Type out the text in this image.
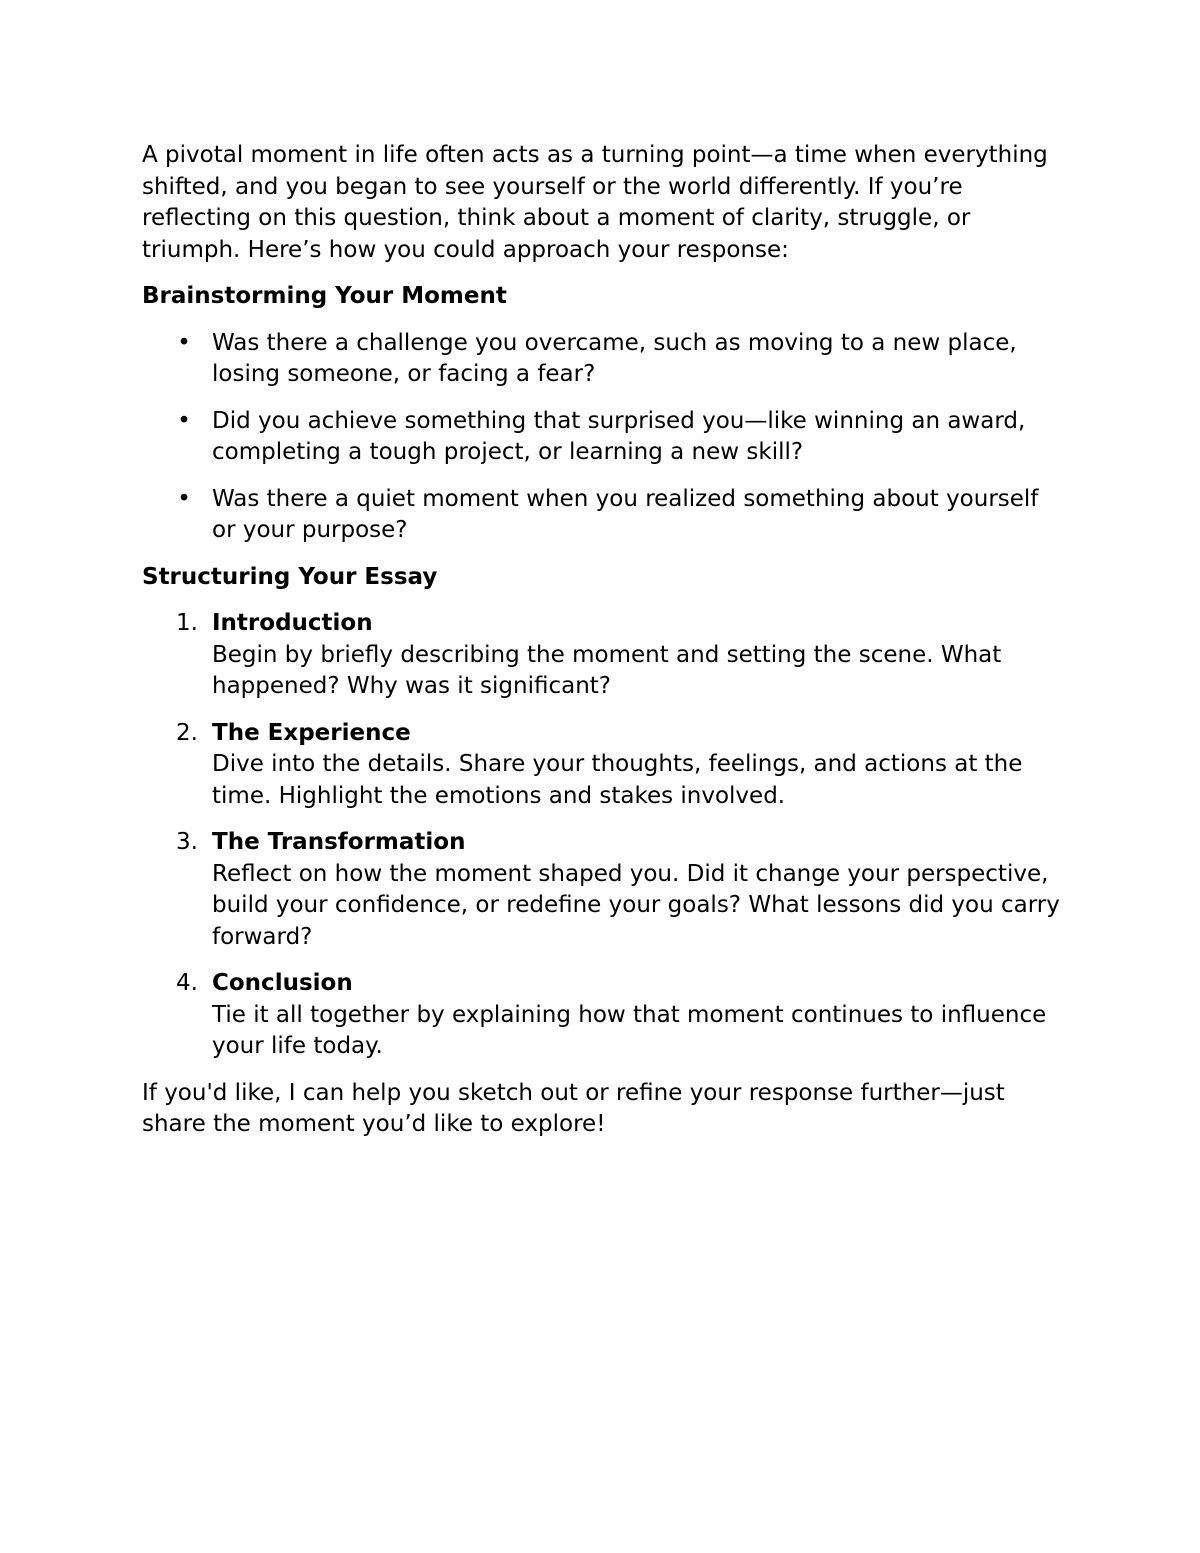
A pivotal moment in life often acts as a turning point—a time when everything shifted, and you began to see yourself or the world differently. If you’re reflecting on this question, think about a moment of clarity, struggle, or triumph. Here’s how you could approach your response:

Brainstorming Your Moment

• Was there a challenge you overcame, such as moving to a new place, losing someone, or facing a fear?
• Did you achieve something that surprised you—like winning an award, completing a tough project, or learning a new skill?
• Was there a quiet moment when you realized something about yourself or your purpose?

Structuring Your Essay

1. Introduction
Begin by briefly describing the moment and setting the scene. What happened? Why was it significant?
2. The Experience
Dive into the details. Share your thoughts, feelings, and actions at the time. Highlight the emotions and stakes involved.
3. The Transformation
Reflect on how the moment shaped you. Did it change your perspective, build your confidence, or redefine your goals? What lessons did you carry forward?
4. Conclusion
Tie it all together by explaining how that moment continues to influence your life today.

If you'd like, I can help you sketch out or refine your response further—just share the moment you’d like to explore!
